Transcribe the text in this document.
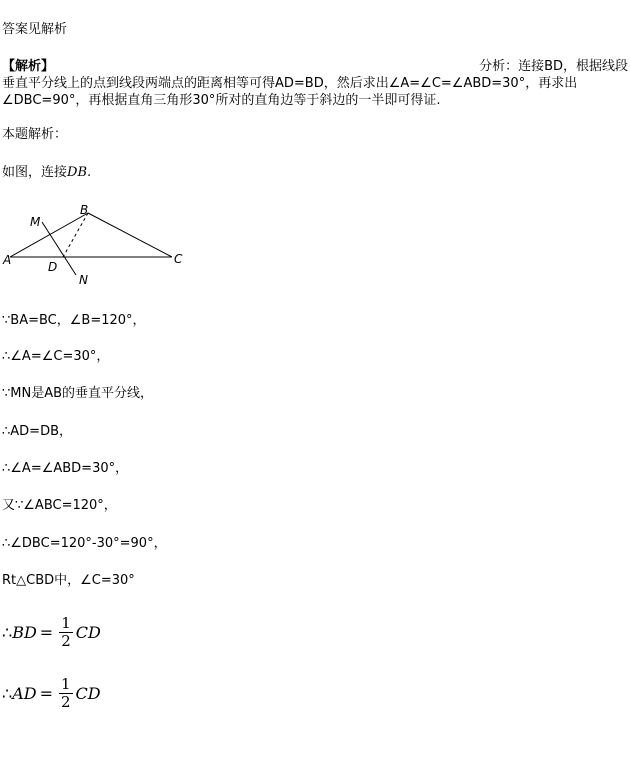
答案见解析
【解析】	分析：连接BD，根据线段
垂直平分线上的点到线段两端点的距离相等可得AD=BD，然后求出∠A=∠C=∠ABD=30°，再求出
∠DBC=90°，再根据直角三角形30°所对的直角边等于斜边的一半即可得证.
本题解析：
如图，连接DB.
A
B
C
D
M
N
∵BA=BC，∠B=120°，
∴∠A=∠C=30°，
∵MN是AB的垂直平分线，
∴AD=DB，
∴∠A=∠ABD=30°，
又∵∠ABC=120°，
∴∠DBC=120°-30°=90°，
Rt△CBD中，∠C=30°
∴ BD = $\frac{1}{2}$ CD
∴ AD = $\frac{1}{2}$ CD
